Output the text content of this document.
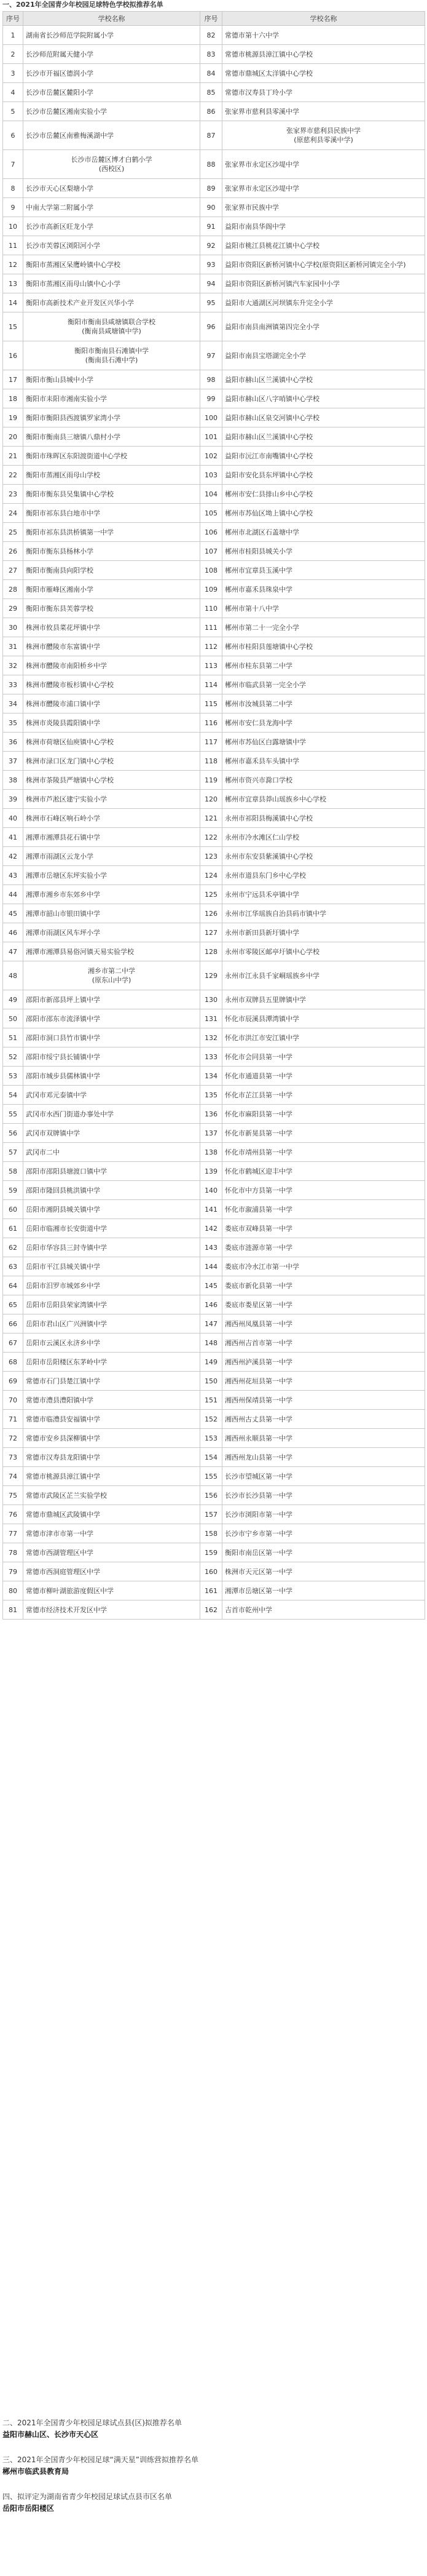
一、2021年全国青少年校园足球特色学校拟推荐名单
序号	学校名称	序号	学校名称
1	湖南省长沙师范学院附属小学	82	常德市第十六中学
2	长沙师范附属天健小学	83	常德市桃源县漳江镇中心学校
3	长沙市开福区德润小学	84	常德市鼎城区太洋镇中心学校
4	长沙市岳麓区麓阳小学	85	常德市汉寿县丁玲小学
5	长沙市岳麓区湘南实验小学	86	张家界市慈利县零溪中学
6	长沙市岳麓区南雅梅溪湖中学	87	张家界市慈利县民族中学
(原慈利县零溪中学)
7	长沙市岳麓区博才白鹤小学
(西校区)	88	张家界市永定区沙堤中学
8	长沙市天心区梨塘小学	89	张家界市永定区沙堤中学
9	中南大学第二附属小学	90	张家界市民族中学
10	长沙市高新区旺龙小学	91	益阳市南县华阁中学
11	长沙市芙蓉区浏阳河小学	92	益阳市桃江县桃花江镇中心学校
12	衡阳市蒸湘区呆鹰岭镇中心学校	93	益阳市资阳区新桥河镇中心学校(原资阳区新桥河镇完全小学)
13	衡阳市蒸湘区雨母山镇中心小学	94	益阳市资阳区新桥河镇汽车家园中小学
14	衡阳市高新技术产业开发区兴华小学	95	益阳市大通湖区河坝镇东升完全小学
15	衡阳市衡南县咸塘镇联合学校
(衡南县咸塘镇中学)	96	益阳市南县南洲镇第四完全小学
16	衡阳市衡南县石滩镇中学
(衡南县石滩中学)	97	益阳市南县宝塔湖完全小学
17	衡阳市衡山县城中小学	98	益阳市赫山区兰溪镇中心学校
18	衡阳市耒阳市湘南实验小学	99	益阳市赫山区八字哨镇中心学校
19	衡阳市衡阳县西渡镇罗家湾小学	100	益阳市赫山区泉交河镇中心学校
20	衡阳市衡南县三塘镇八鼎村小学	101	益阳市赫山区兰溪镇中心学校
21	衡阳市珠晖区东阳渡街道中心学校	102	益阳市沅江市南嘴镇中心学校
22	衡阳市蒸湘区雨母山学校	103	益阳市安化县东坪镇中心学校
23	衡阳市衡东县吴集镇中心学校	104	郴州市安仁县排山乡中心学校
24	衡阳市祁东县白地市中学	105	郴州市苏仙区坳上镇中心学校
25	衡阳市祁东县洪桥镇第一中学	106	郴州市北湖区石盖塘中学
26	衡阳市衡东县杨林小学	107	郴州市桂阳县城关小学
27	衡阳市衡南县向阳学校	108	郴州市宜章县玉溪中学
28	衡阳市雁峰区湘南小学	109	郴州市嘉禾县珠泉中学
29	衡阳市衡东县芙蓉学校	110	郴州市第十八中学
30	株洲市攸县菜花坪镇中学	111	郴州市第二十一完全小学
31	株洲市醴陵市东富镇中学	112	郴州市桂阳县莲塘镇中心学校
32	株洲市醴陵市南阳桥乡中学	113	郴州市桂东县第二中学
33	株洲市醴陵市板杉镇中心学校	114	郴州市临武县第一完全小学
34	株洲市醴陵市浦口镇中学	115	郴州市汝城县第二中学
35	株洲市炎陵县霞阳镇中学	116	郴州市安仁县龙海中学
36	株洲市荷塘区仙庾镇中心学校	117	郴州市苏仙区白露塘镇中学
37	株洲市渌口区龙门镇中心学校	118	郴州市嘉禾县车头镇中学
38	株洲市茶陵县严塘镇中心学校	119	郴州市资兴市滁口学校
39	株洲市芦淞区建宁实验小学	120	郴州市宜章县莽山瑶族乡中心学校
40	株洲市石峰区响石岭小学	121	永州市祁阳县梅溪镇中心学校
41	湘潭市湘潭县花石镇中学	122	永州市冷水滩区仁山学校
42	湘潭市雨湖区云龙小学	123	永州市东安县紫溪镇中心学校
43	湘潭市岳塘区东坪实验小学	124	永州市道县东门乡中心学校
44	湘潭市湘乡市东郊乡中学	125	永州市宁远县禾亭镇中学
45	湘潭市韶山市银田镇中学	126	永州市江华瑶族自治县码市镇中学
46	湘潭市雨湖区风车坪小学	127	永州市新田县新圩镇中学
47	湘潭市湘潭县易俗河镇天易实验学校	128	永州市零陵区邮亭圩镇中心学校
48	湘乡市第二中学
(原东山中学)	129	永州市江永县千家峒瑶族乡中学
49	邵阳市新邵县坪上镇中学	130	永州市双牌县五里牌镇中学
50	邵阳市邵东市流泽镇中学	131	怀化市辰溪县潭湾镇中学
51	邵阳市洞口县竹市镇中学	132	怀化市洪江市安江镇中学
52	邵阳市绥宁县长铺镇中学	133	怀化市会同县第一中学
53	邵阳市城步县儒林镇中学	134	怀化市通道县第一中学
54	武冈市邓元泰镇中学	135	怀化市芷江县第一中学
55	武冈市水西门街道办事处中学	136	怀化市麻阳县第一中学
56	武冈市双牌镇中学	137	怀化市新晃县第一中学
57	武冈市二中	138	怀化市靖州县第一中学
58	邵阳市邵阳县塘渡口镇中学	139	怀化市鹤城区迎丰中学
59	邵阳市隆回县桃洪镇中学	140	怀化市中方县第一中学
60	岳阳市湘阴县城关镇中学	141	怀化市溆浦县第一中学
61	岳阳市临湘市长安街道中学	142	娄底市双峰县第一中学
62	岳阳市华容县三封寺镇中学	143	娄底市涟源市第一中学
63	岳阳市平江县城关镇中学	144	娄底市冷水江市第一中学
64	岳阳市汨罗市城郊乡中学	145	娄底市新化县第一中学
65	岳阳市岳阳县荣家湾镇中学	146	娄底市娄星区第一中学
66	岳阳市君山区广兴洲镇中学	147	湘西州凤凰县第一中学
67	岳阳市云溪区永济乡中学	148	湘西州吉首市第一中学
68	岳阳市岳阳楼区东茅岭中学	149	湘西州泸溪县第一中学
69	常德市石门县楚江镇中学	150	湘西州花垣县第一中学
70	常德市澧县澧阳镇中学	151	湘西州保靖县第一中学
71	常德市临澧县安福镇中学	152	湘西州古丈县第一中学
72	常德市安乡县深柳镇中学	153	湘西州永顺县第一中学
73	常德市汉寿县龙阳镇中学	154	湘西州龙山县第一中学
74	常德市桃源县漳江镇中学	155	长沙市望城区第一中学
75	常德市武陵区芷兰实验学校	156	长沙市长沙县第一中学
76	常德市鼎城区武陵镇中学	157	长沙市浏阳市第一中学
77	常德市津市市第一中学	158	长沙市宁乡市第一中学
78	常德市西湖管理区中学	159	衡阳市南岳区第一中学
79	常德市西洞庭管理区中学	160	株洲市天元区第一中学
80	常德市柳叶湖旅游度假区中学	161	湘潭市岳塘区第一中学
81	常德市经济技术开发区中学	162	吉首市乾州中学
二、2021年全国青少年校园足球试点县(区)拟推荐名单
益阳市赫山区、长沙市天心区
三、2021年全国青少年校园足球“满天星”训练营拟推荐名单
郴州市临武县教育局
四、拟评定为湖南省青少年校园足球试点县市区名单
岳阳市岳阳楼区
